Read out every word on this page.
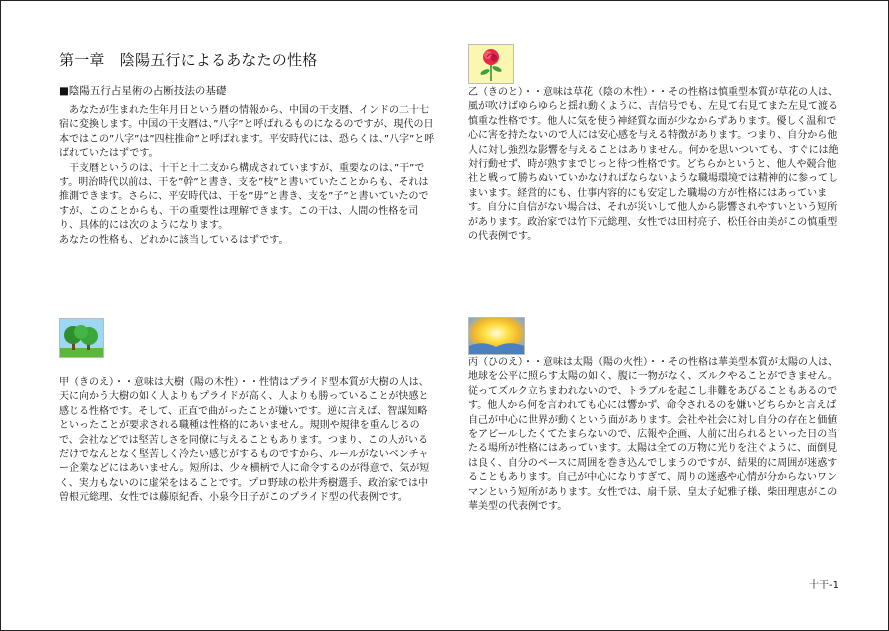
第一章　陰陽五行によるあなたの性格
■陰陽五行占星術の占断技法の基礎

　あなたが生まれた生年月日という暦の情報から、中国の干支暦、インドの二十七宿に変換します。中国の干支暦は、”八字”と呼ばれるものになるのですが、現代の日本ではこの”八字”は”四柱推命”と呼ばれます。平安時代には、恐らくは、”八字”と呼ばれていたはずです。

　干支暦というのは、十干と十二支から構成されていますが、重要なのは、”干”です。明治時代以前は、干を”幹”と書き、支を”枝”と書いていたことからも、それは推測できます。さらに、平安時代は、干を”毋”と書き、支を”子”と書いていたのですが、このことからも、干の重要性は理解できます。この干は、人間の性格を司り、具体的には次のようになります。

あなたの性格も、どれかに該当しているはずです。

乙（きのと）・・意味は草花（陰の木性）・・その性格は慎重型本質が草花の人は、風が吹けばゆらゆらと揺れ動くように、吉信号でも、左見て右見てまた左見て渡る慎重な性格です。他人に気を使う神経質な面が少なからずあります。優しく温和で心に害を持たないので人には安心感を与える特徴があります。つまり、自分から他人に対し強烈な影響を与えることはありません。何かを思いついても、すぐには絶対行動せず、時が熟すまでじっと待つ性格です。どちらかというと、他人や競合他社と戦って勝ちぬいていかなければならないような職場環境では精神的に参ってしまいます。経営的にも、仕事内容的にも安定した職場の方が性格にはあっています。自分に自信がない場合は、それが災いして他人から影響されやすいという短所があります。政治家では竹下元総理、女性では田村亮子、松任谷由美がこの慎重型の代表例です。
甲（きのえ）・・意味は大樹（陽の木性）・・性情はプライド型本質が大樹の人は、天に向かう大樹の如く人よりもプライドが高く、人よりも勝っていることが快感と感じる性格です。そして、正直で曲がったことが嫌いです。逆に言えば、智謀知略といったことが要求される職種は性格的にあいません。規則や規律を重んじるので、会社などでは堅苦しさを同僚に与えることもあります。つまり、この人がいるだけでなんとなく堅苦しく冷たい感じがするものですから、ルールがないベンチャー企業などにはあいません。短所は、少々横柄で人に命令するのが得意で、気が短く、実力もないのに虚栄をはることです。プロ野球の松井秀樹選手、政治家では中曽根元総理、女性では藤原紀香、小泉今日子がこのプライド型の代表例です。
丙（ひのえ）・・意味は太陽（陽の火性）・・その性格は華美型本質が太陽の人は、地球を公平に照らす太陽の如く、腹に一物がなく、ズルクやることができません。従ってズルク立ちまわれないので、トラブルを起こし非難をあびることもあるのです。他人から何を言われても心には響かず、命令されるのを嫌いどちらかと言えば自己が中心に世界が動くという面があります。会社や社会に対し自分の存在と価値をアピールしたくてたまらないので、広報や企画、人前に出られるといった日の当たる場所が性格にはあっています。太陽は全ての万物に光りを注ぐように、面倒見は良く、自分のペースに周囲を巻き込んでしまうのですが、結果的に周囲が迷惑することもあります。自己が中心になりすぎて、周りの迷惑や心情が分からないワンマンという短所があります。女性では、扇千景、皇太子妃雅子様、柴田理恵がこの華美型の代表例です。
十干-1
